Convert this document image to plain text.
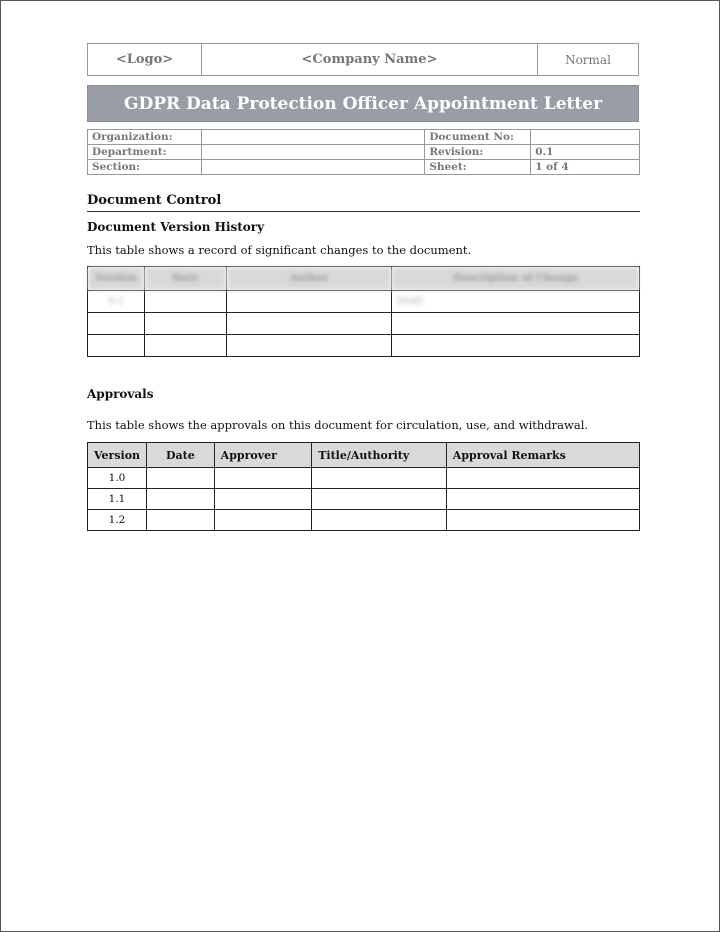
<Logo>	<Company Name>	Normal
GDPR Data Protection Officer Appointment Letter
Organization:		Document No:	
Department:		Revision:	0.1
Section:		Sheet:	1 of 4
Document Control
Document Version History
This table shows a record of significant changes to the document.
Version	Date	Author	Description of Change
0.1			Draft

Approvals
This table shows the approvals on this document for circulation, use, and withdrawal.
Version	Date	Approver	Title/Authority	Approval Remarks
1.0				
1.1				
1.2				
